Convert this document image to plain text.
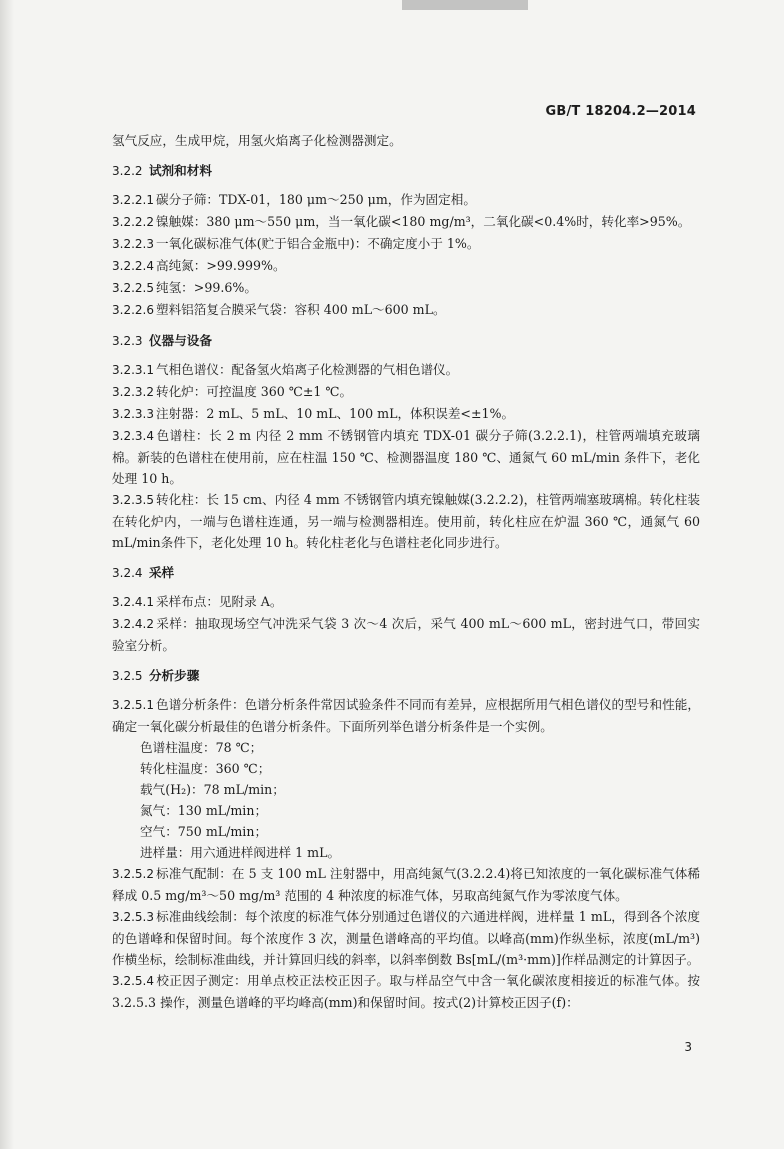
GB/T 18204.2—2014

氢气反应，生成甲烷，用氢火焰离子化检测器测定。

3.2.2 试剂和材料

3.2.2.1 碳分子筛：TDX-01，180 μm～250 μm，作为固定相。

3.2.2.2 镍触媒：380 μm～550 μm，当一氧化碳<180 mg/m³，二氧化碳<0.4%时，转化率>95%。

3.2.2.3 一氧化碳标准气体(贮于铝合金瓶中)：不确定度小于 1%。

3.2.2.4 高纯氮：>99.999%。

3.2.2.5 纯氢：>99.6%。

3.2.2.6 塑料铝箔复合膜采气袋：容积 400 mL～600 mL。

3.2.3 仪器与设备

3.2.3.1 气相色谱仪：配备氢火焰离子化检测器的气相色谱仪。

3.2.3.2 转化炉：可控温度 360 ℃±1 ℃。

3.2.3.3 注射器：2 mL、5 mL、10 mL、100 mL，体积误差<±1%。

3.2.3.4 色谱柱：长 2 m 内径 2 mm 不锈钢管内填充 TDX-01 碳分子筛(3.2.2.1)，柱管两端填充玻璃棉。新装的色谱柱在使用前，应在柱温 150 ℃、检测器温度 180 ℃、通氮气 60 mL/min 条件下，老化处理 10 h。

3.2.3.5 转化柱：长 15 cm、内径 4 mm 不锈钢管内填充镍触媒(3.2.2.2)，柱管两端塞玻璃棉。转化柱装在转化炉内，一端与色谱柱连通，另一端与检测器相连。使用前，转化柱应在炉温 360 ℃，通氮气 60 mL/min条件下，老化处理 10 h。转化柱老化与色谱柱老化同步进行。

3.2.4 采样

3.2.4.1 采样布点：见附录 A。

3.2.4.2 采样：抽取现场空气冲洗采气袋 3 次～4 次后，采气 400 mL～600 mL，密封进气口，带回实验室分析。

3.2.5 分析步骤

3.2.5.1 色谱分析条件：色谱分析条件常因试验条件不同而有差异，应根据所用气相色谱仪的型号和性能，确定一氧化碳分析最佳的色谱分析条件。下面所列举色谱分析条件是一个实例。

色谱柱温度：78 ℃；

转化柱温度：360 ℃；

载气(H₂)：78 mL/min；

氮气：130 mL/min；

空气：750 mL/min；

进样量：用六通进样阀进样 1 mL。

3.2.5.2 标准气配制：在 5 支 100 mL 注射器中，用高纯氮气(3.2.2.4)将已知浓度的一氧化碳标准气体稀释成 0.5 mg/m³～50 mg/m³ 范围的 4 种浓度的标准气体，另取高纯氮气作为零浓度气体。

3.2.5.3 标准曲线绘制：每个浓度的标准气体分别通过色谱仪的六通进样阀，进样量 1 mL，得到各个浓度的色谱峰和保留时间。每个浓度作 3 次，测量色谱峰高的平均值。以峰高(mm)作纵坐标，浓度(mL/m³)作横坐标，绘制标准曲线，并计算回归线的斜率，以斜率倒数 Bs[mL/(m³·mm)]作样品测定的计算因子。

3.2.5.4 校正因子测定：用单点校正法校正因子。取与样品空气中含一氧化碳浓度相接近的标准气体。按 3.2.5.3 操作，测量色谱峰的平均峰高(mm)和保留时间。按式(2)计算校正因子(f)：

3
